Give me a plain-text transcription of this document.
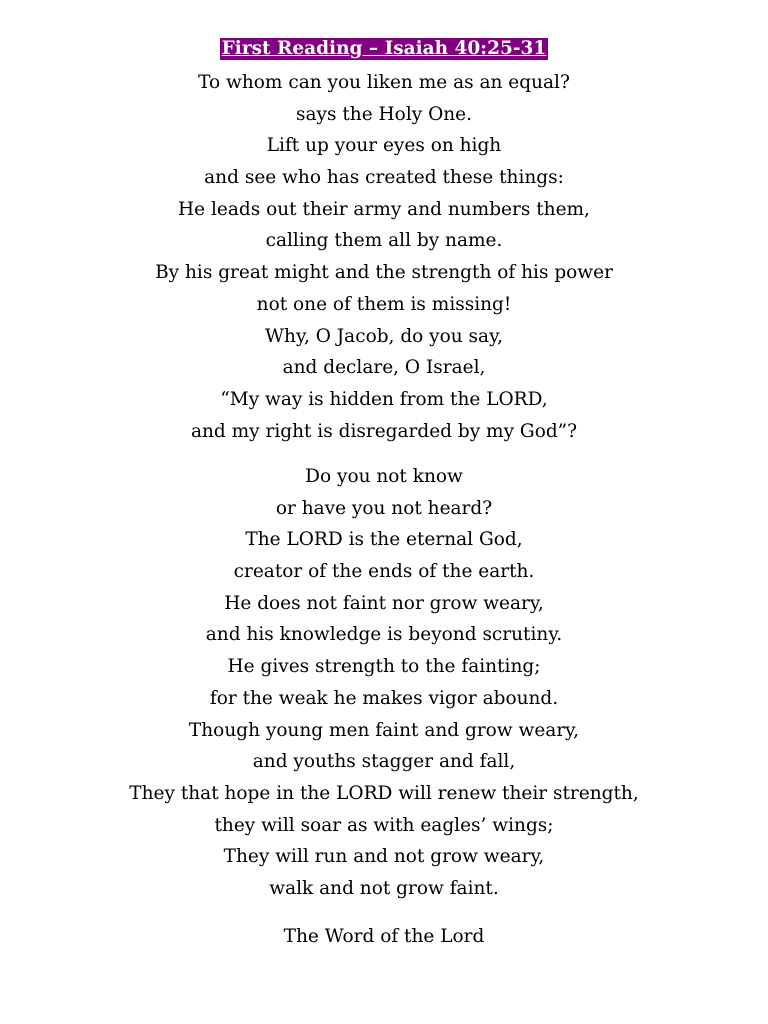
First Reading – Isaiah 40:25-31
To whom can you liken me as an equal?
says the Holy One.
Lift up your eyes on high
and see who has created these things:
He leads out their army and numbers them,
calling them all by name.
By his great might and the strength of his power
not one of them is missing!
Why, O Jacob, do you say,
and declare, O Israel,
“My way is hidden from the LORD,
and my right is disregarded by my God”?
Do you not know
or have you not heard?
The LORD is the eternal God,
creator of the ends of the earth.
He does not faint nor grow weary,
and his knowledge is beyond scrutiny.
He gives strength to the fainting;
for the weak he makes vigor abound.
Though young men faint and grow weary,
and youths stagger and fall,
They that hope in the LORD will renew their strength,
they will soar as with eagles’ wings;
They will run and not grow weary,
walk and not grow faint.
The Word of the Lord
